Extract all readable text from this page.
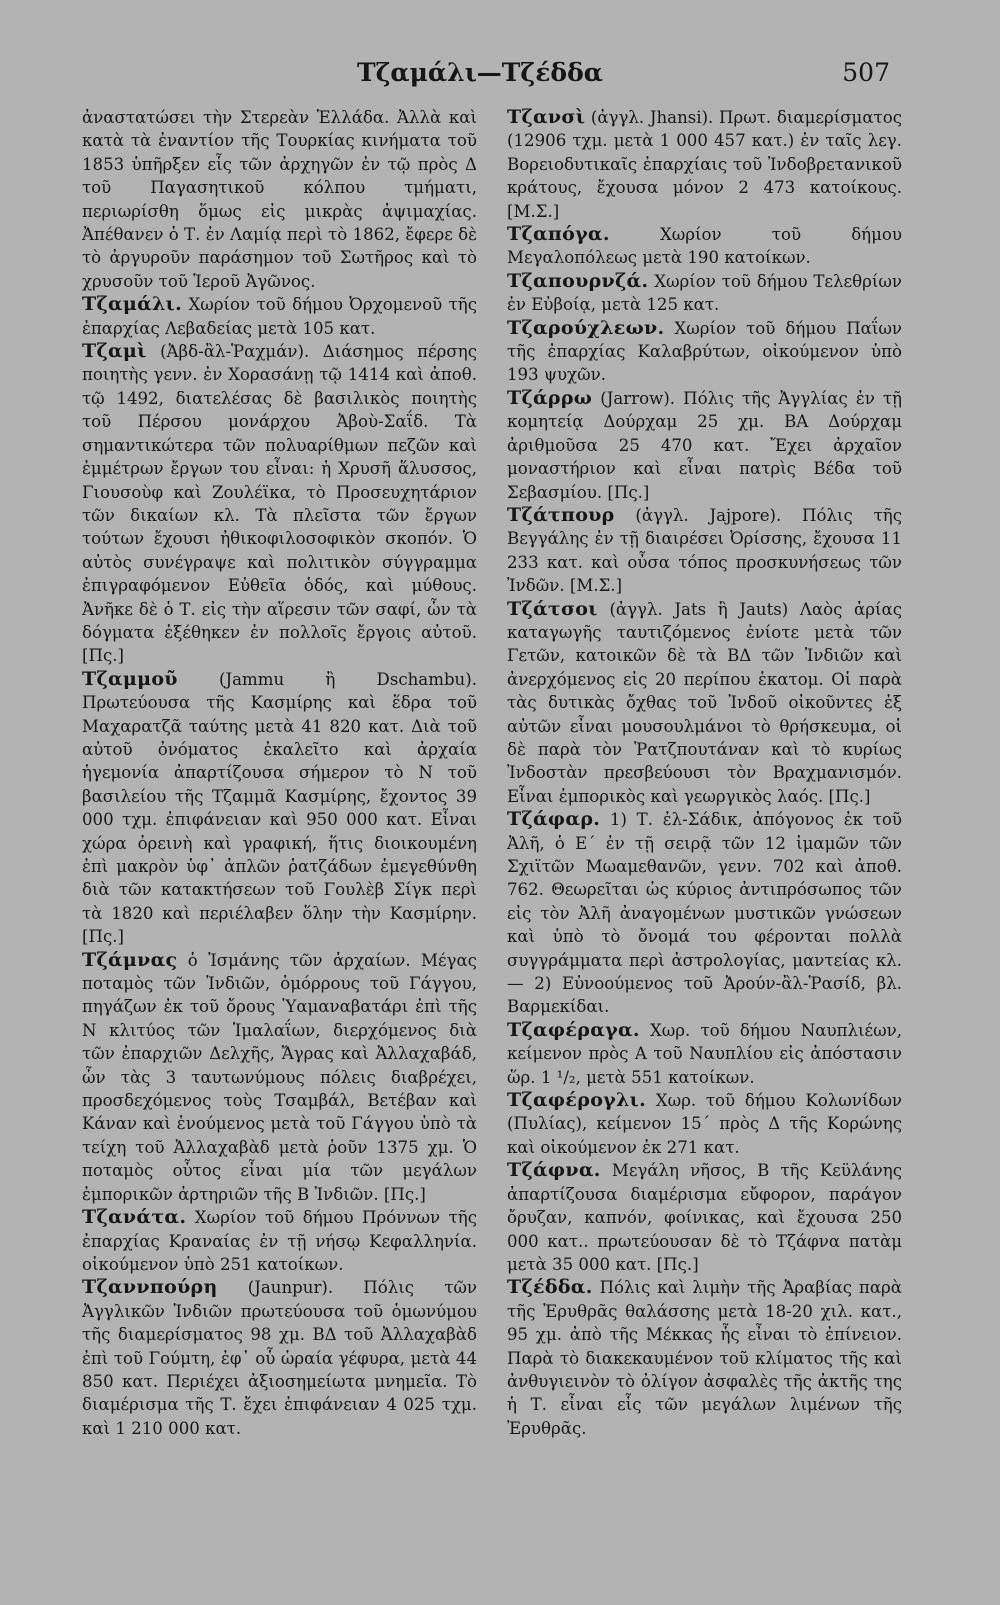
Τζαμάλι—Τζέδδα	507

ἀναστατώσει τὴν Στερεὰν Ἑλλάδα. Ἀλλὰ καὶ κατὰ τὰ ἐναντίον τῆς Τουρκίας κινήματα τοῦ 1853 ὑπῆρξεν εἷς τῶν ἀρχηγῶν ἐν τῷ πρὸς Δ τοῦ Παγασητικοῦ κόλπου τμήματι, περιωρίσθη ὅμως εἰς μικρὰς ἀψιμαχίας. Ἀπέθανεν ὁ Τ. ἐν Λαμίᾳ περὶ τὸ 1862, ἔφερε δὲ τὸ ἀργυροῦν παράσημον τοῦ Σωτῆρος καὶ τὸ χρυσοῦν τοῦ Ἱεροῦ Ἀγῶνος.

Τζαμάλι. Χωρίον τοῦ δήμου Ὀρχομενοῦ τῆς ἐπαρχίας Λεβαδείας μετὰ 105 κατ.

Τζαμὶ (Ἀβδ-ἂλ-Ῥαχμάν). Διάσημος πέρσης ποιητὴς γενν. ἐν Χορασάνῃ τῷ 1414 καὶ ἀποθ. τῷ 1492, διατελέσας δὲ βασιλικὸς ποιητὴς τοῦ Πέρσου μονάρχου Ἀβοὺ-Σαΐδ. Τὰ σημαντικώτερα τῶν πολυαρίθμων πεζῶν καὶ ἐμμέτρων ἔργων του εἶναι: ἡ Χρυσῆ ἅλυσσος, Γιουσοὺφ καὶ Ζουλέϊκα, τὸ Προσευχητάριον τῶν δικαίων κλ. Τὰ πλεῖστα τῶν ἔργων τούτων ἔχουσι ἠθικοφιλοσοφικὸν σκοπόν. Ὁ αὐτὸς συνέγραψε καὶ πολιτικὸν σύγγραμμα ἐπιγραφόμενον Εὐθεῖα ὁδός, καὶ μύθους. Ἀνῆκε δὲ ὁ Τ. εἰς τὴν αἵρεσιν τῶν σαφί, ὧν τὰ δόγματα ἐξέθηκεν ἐν πολλοῖς ἔργοις αὐτοῦ. [Πς.]

Τζαμμοῦ (Jammu ἢ Dschambu). Πρωτεύουσα τῆς Κασμίρης καὶ ἕδρα τοῦ Μαχαρατζᾶ ταύτης μετὰ 41 820 κατ. Διὰ τοῦ αὐτοῦ ὀνόματος ἐκαλεῖτο καὶ ἀρχαία ἡγεμονία ἀπαρτίζουσα σήμερον τὸ Ν τοῦ βασιλείου τῆς Τζαμμᾶ Κασμίρης, ἔχοντος 39 000 τχμ. ἐπιφάνειαν καὶ 950 000 κατ. Εἶναι χώρα ὀρεινὴ καὶ γραφική, ἥτις διοικουμένη ἐπὶ μακρὸν ὑφ᾽ ἁπλῶν ῥατζάδων ἐμεγεθύνθη διὰ τῶν κατακτήσεων τοῦ Γουλὲβ Σίγκ περὶ τὰ 1820 καὶ περιέλαβεν ὅλην τὴν Κασμίρην. [Πς.]

Τζάμνας ὁ Ἰσμάνης τῶν ἀρχαίων. Μέγας ποταμὸς τῶν Ἰνδιῶν, ὁμόρρους τοῦ Γάγγου, πηγάζων ἐκ τοῦ ὄρους Ὑαμαναβατάρι ἐπὶ τῆς Ν κλιτύος τῶν Ἱμαλαΐων, διερχόμενος διὰ τῶν ἐπαρχιῶν Δελχῆς, Ἄγρας καὶ Ἀλλαχαβάδ, ὧν τὰς 3 ταυτωνύμους πόλεις διαβρέχει, προσδεχόμενος τοὺς Τσαμβάλ, Βετέβαν καὶ Κάναν καὶ ἑνούμενος μετὰ τοῦ Γάγγου ὑπὸ τὰ τείχη τοῦ Ἀλλαχαβὰδ μετὰ ῥοῦν 1375 χμ. Ὁ ποταμὸς οὗτος εἶναι μία τῶν μεγάλων ἐμπορικῶν ἀρτηριῶν τῆς Β Ἰνδιῶν. [Πς.]

Τζανάτα. Χωρίον τοῦ δήμου Πρόννων τῆς ἐπαρχίας Κραναίας ἐν τῇ νήσῳ Κεφαλληνία. οἰκούμενον ὑπὸ 251 κατοίκων.

Τζαννπούρη (Jaunpur). Πόλις τῶν Ἀγγλικῶν Ἰνδιῶν πρωτεύουσα τοῦ ὁμωνύμου τῆς διαμερίσματος 98 χμ. ΒΔ τοῦ Ἀλλαχαβὰδ ἐπὶ τοῦ Γούμτη, ἐφ᾽ οὗ ὡραία γέφυρα, μετὰ 44 850 κατ. Περιέχει ἀξιοσημείωτα μνημεῖα. Τὸ διαμέρισμα τῆς Τ. ἔχει ἐπιφάνειαν 4 025 τχμ. καὶ 1 210 000 κατ.

Τζανσὶ (ἀγγλ. Jhansi). Πρωτ. διαμερίσματος (12906 τχμ. μετὰ 1 000 457 κατ.) ἐν ταῖς λεγ. Βορειοδυτικαῖς ἐπαρχίαις τοῦ Ἰνδοβρετανικοῦ κράτους, ἔχουσα μόνον 2 473 κατοίκους. [Μ.Σ.]

Τζαπόγα.	Χωρίον τοῦ δήμου Μεγαλοπόλεως μετὰ 190 κατοίκων.

Τζαπουρνζά. Χωρίον τοῦ δήμου Τελεθρίων ἐν Εὐβοίᾳ, μετὰ 125 κατ.

Τζαρούχλεων. Χωρίον τοῦ δήμου Παΐων τῆς ἐπαρχίας Καλαβρύτων, οἰκούμενον ὑπὸ 193 ψυχῶν.

Τζάρρω (Jarrow). Πόλις τῆς Ἀγγλίας ἐν τῇ κομητείᾳ Δούρχαμ 25 χμ. ΒΑ Δούρχαμ ἀριθμοῦσα 25 470 κατ. Ἔχει ἀρχαῖον μοναστήριον καὶ εἶναι πατρὶς Βέδα τοῦ Σεβασμίου. [Πς.]

Τζάτπουρ (ἀγγλ. Jajpore). Πόλις τῆς Βεγγάλης ἐν τῇ διαιρέσει Ὀρίσσης, ἔχουσα 11 233 κατ. καὶ οὖσα τόπος προσκυνήσεως τῶν Ἰνδῶν. [Μ.Σ.]

Τζάτσοι (ἀγγλ. Jats ἢ Jauts) Λαὸς ἀρίας καταγωγῆς ταυτιζόμενος ἐνίοτε μετὰ τῶν Γετῶν, κατοικῶν δὲ τὰ ΒΔ τῶν Ἰνδιῶν καὶ ἀνερχόμενος εἰς 20 περίπου ἑκατομ. Οἱ παρὰ τὰς δυτικὰς ὄχθας τοῦ Ἰνδοῦ οἰκοῦντες ἐξ αὐτῶν εἶναι μουσουλμάνοι τὸ θρήσκευμα, οἱ δὲ παρὰ τὸν Ῥατζπουτάναν καὶ τὸ κυρίως Ἰνδοστὰν πρεσβεύουσι τὸν Βραχμανισμόν. Εἶναι ἐμπορικὸς καὶ γεωργικὸς λαός. [Πς.]

Τζάφαρ. 1) Τ. ἐλ-Σάδικ, ἀπόγονος ἐκ τοῦ Ἀλῆ, ὁ Ε΄ ἐν τῇ σειρᾷ τῶν 12 ἰμαμῶν τῶν Σχιϊτῶν Μωαμεθανῶν, γενν. 702 καὶ ἀποθ. 762. Θεωρεῖται ὡς κύριος ἀντιπρόσωπος τῶν εἰς τὸν Ἀλῆ ἀναγομένων μυστικῶν γνώσεων καὶ ὑπὸ τὸ ὄνομά του φέρονται πολλὰ συγγράμματα περὶ ἀστρολογίας, μαντείας κλ. — 2) Εὐνοούμενος τοῦ Ἀρούν-ἂλ-Ῥασίδ, βλ. Βαρμεκίδαι.

Τζαφέραγα. Χωρ. τοῦ δήμου Ναυπλιέων, κείμενον πρὸς Α τοῦ Ναυπλίου εἰς ἀπόστασιν ὥρ. 1 ¹/₂, μετὰ 551 κατοίκων.

Τζαφέρογλι. Χωρ. τοῦ δήμου Κολωνίδων (Πυλίας), κείμενον 15΄ πρὸς Δ τῆς Κορώνης καὶ οἰκούμενον ἐκ 271 κατ.

Τζάφνα. Μεγάλη νῆσος, Β τῆς Κεϋλάνης ἀπαρτίζουσα διαμέρισμα εὔφορον, παράγον ὄρυζαν, καπνόν, φοίνικας, καὶ ἔχουσα 250 000 κατ.. πρωτεύουσαν δὲ τὸ Τζάφνα πατὰμ μετὰ 35 000 κατ. [Πς.]

Τζέδδα. Πόλις καὶ λιμὴν τῆς Ἀραβίας παρὰ τῆς Ἐρυθρᾶς θαλάσσης μετὰ 18-20 χιλ. κατ., 95 χμ. ἀπὸ τῆς Μέκκας ἧς εἶναι τὸ ἐπίνειον. Παρὰ τὸ διακεκαυμένον τοῦ κλίματος τῆς καὶ ἀνθυγιεινὸν τὸ ὀλίγον ἀσφαλὲς τῆς ἀκτῆς της ἡ Τ. εἶναι εἷς τῶν μεγάλων λιμένων τῆς Ἐρυθρᾶς.
